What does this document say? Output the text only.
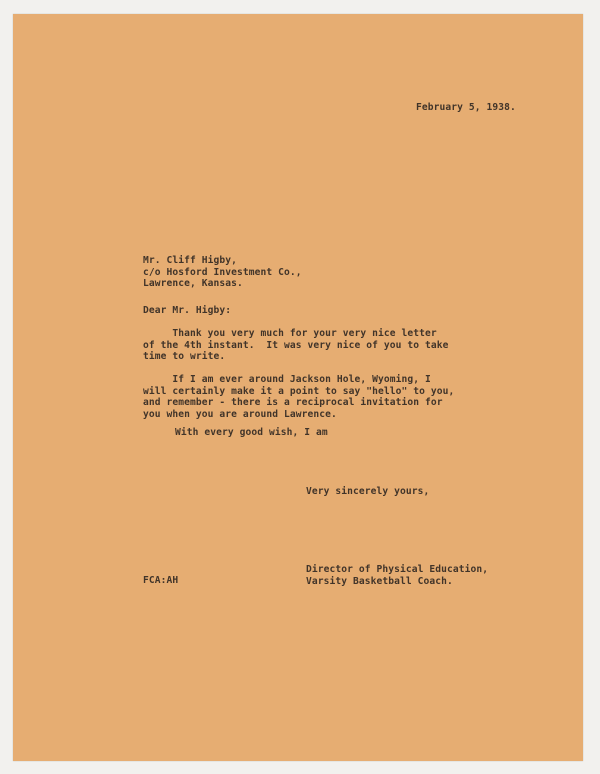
February 5, 1938.
Mr. Cliff Higby,
c/o Hosford Investment Co.,
Lawrence, Kansas.
Dear Mr. Higby:
Thank you very much for your very nice letter
of the 4th instant.  It was very nice of you to take
time to write.
If I am ever around Jackson Hole, Wyoming, I
will certainly make it a point to say "hello" to you,
and remember - there is a reciprocal invitation for
you when you are around Lawrence.
With every good wish, I am
Very sincerely yours,
Director of Physical Education,
Varsity Basketball Coach.
FCA:AH
